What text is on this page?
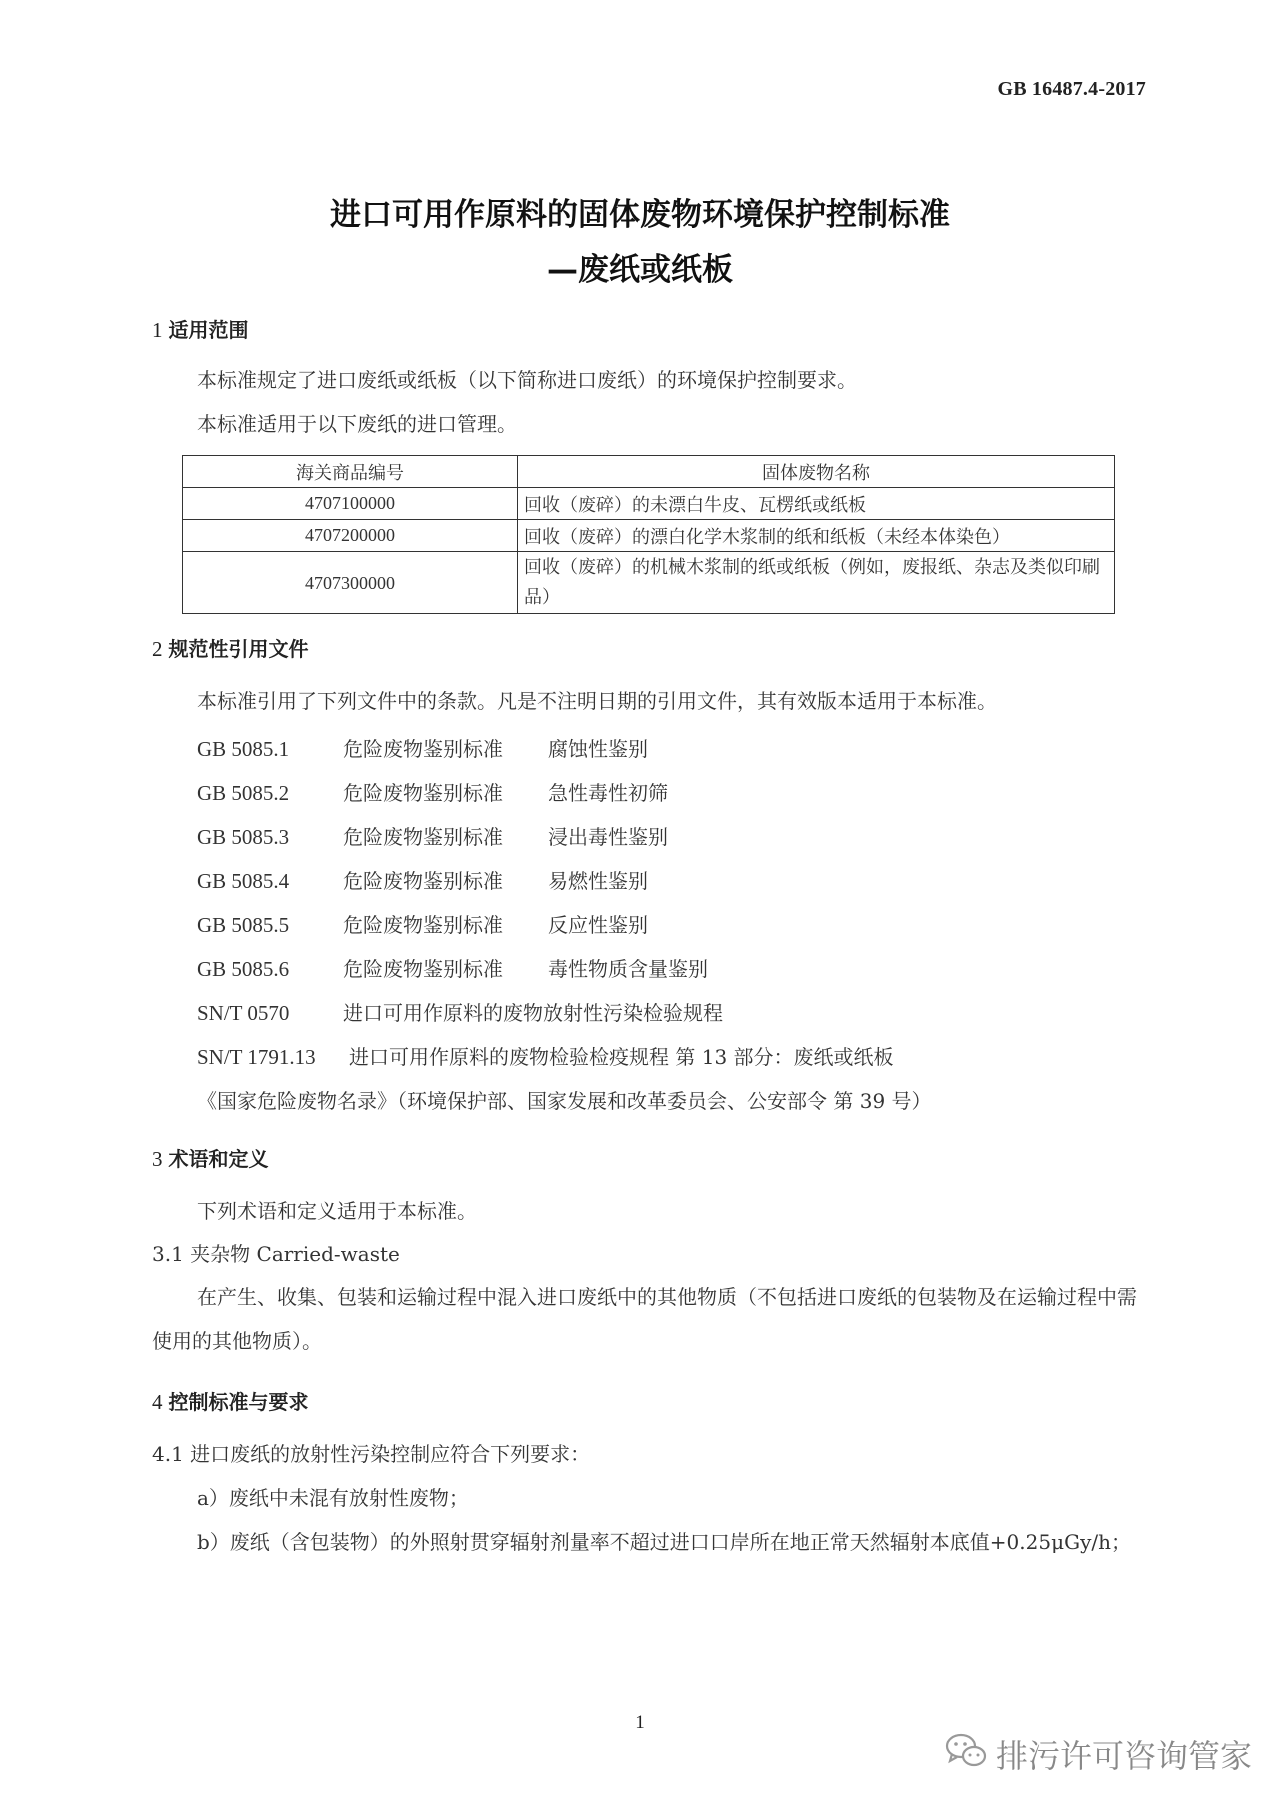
GB 16487.4-2017
进口可用作原料的固体废物环境保护控制标准
—废纸或纸板
1 适用范围
本标准规定了进口废纸或纸板（以下简称进口废纸）的环境保护控制要求。
本标准适用于以下废纸的进口管理。
海关商品编号	固体废物名称
4707100000	回收（废碎）的未漂白牛皮、瓦楞纸或纸板
4707200000	回收（废碎）的漂白化学木浆制的纸和纸板（未经本体染色）
4707300000	回收（废碎）的机械木浆制的纸或纸板（例如，废报纸、杂志及类似印刷品）
2 规范性引用文件
本标准引用了下列文件中的条款。凡是不注明日期的引用文件，其有效版本适用于本标准。
GB 5085.1	危险废物鉴别标准 腐蚀性鉴别
GB 5085.2	危险废物鉴别标准 急性毒性初筛
GB 5085.3	危险废物鉴别标准 浸出毒性鉴别
GB 5085.4	危险废物鉴别标准 易燃性鉴别
GB 5085.5	危险废物鉴别标准 反应性鉴别
GB 5085.6	危险废物鉴别标准 毒性物质含量鉴别
SN/T 0570	进口可用作原料的废物放射性污染检验规程
SN/T 1791.13 进口可用作原料的废物检验检疫规程 第 13 部分：废纸或纸板
《国家危险废物名录》（环境保护部、国家发展和改革委员会、公安部令 第 39 号）
3 术语和定义
下列术语和定义适用于本标准。
3.1 夹杂物 Carried-waste
在产生、收集、包装和运输过程中混入进口废纸中的其他物质（不包括进口废纸的包装物及在运输过程中需使用的其他物质）。
4 控制标准与要求
4.1 进口废纸的放射性污染控制应符合下列要求：
a）废纸中未混有放射性废物；
b）废纸（含包装物）的外照射贯穿辐射剂量率不超过进口口岸所在地正常天然辐射本底值+0.25μGy/h；
1
排污许可咨询管家
